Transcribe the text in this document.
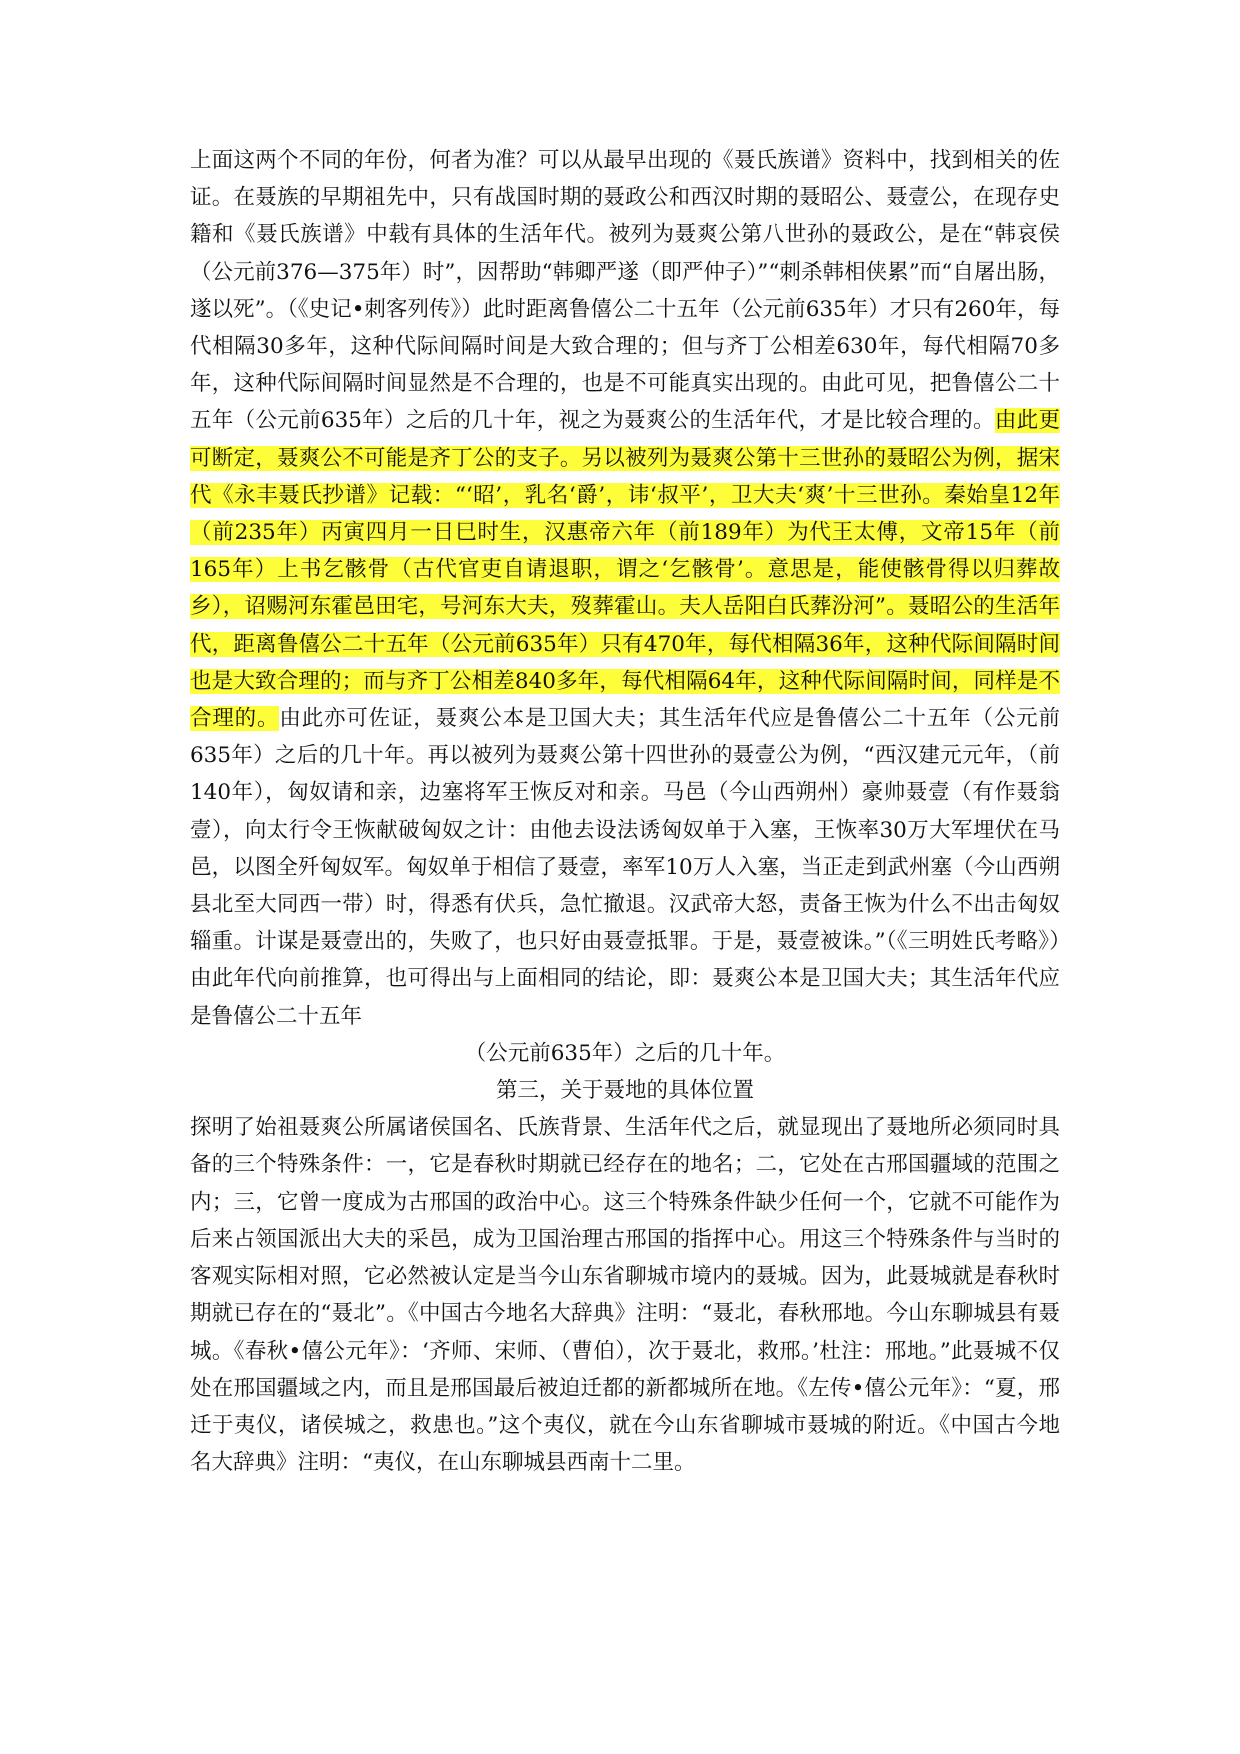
上面这两个不同的年份，何者为准？可以从最早出现的《聂氏族谱》资料中，找到相关的佐证。在聂族的早期祖先中，只有战国时期的聂政公和西汉时期的聂昭公、聂壹公，在现存史籍和《聂氏族谱》中载有具体的生活年代。被列为聂爽公第八世孙的聂政公，是在“韩哀侯（公元前376—375年）时”，因帮助“韩卿严遂（即严仲子）”“刺杀韩相侠累”而“自屠出肠，遂以死”。（《史记•刺客列传》）此时距离鲁僖公二十五年（公元前635年）才只有260年，每代相隔30多年，这种代际间隔时间是大致合理的；但与齐丁公相差630年，每代相隔70多年，这种代际间隔时间显然是不合理的，也是不可能真实出现的。由此可见，把鲁僖公二十五年（公元前635年）之后的几十年，视之为聂爽公的生活年代，才是比较合理的。由此更可断定，聂爽公不可能是齐丁公的支子。另以被列为聂爽公第十三世孙的聂昭公为例，据宋代《永丰聂氏抄谱》记载：“‘昭’，乳名‘爵’，讳‘叔平’，卫大夫‘爽’十三世孙。秦始皇12年（前235年）丙寅四月一日巳时生，汉惠帝六年（前189年）为代王太傅，文帝15年（前165年）上书乞骸骨（古代官吏自请退职，谓之‘乞骸骨’。意思是，能使骸骨得以归葬故乡），诏赐河东霍邑田宅，号河东大夫，歿葬霍山。夫人岳阳白氏葬汾河”。聂昭公的生活年代，距离鲁僖公二十五年（公元前635年）只有470年，每代相隔36年，这种代际间隔时间也是大致合理的；而与齐丁公相差840多年，每代相隔64年，这种代际间隔时间，同样是不合理的。由此亦可佐证，聂爽公本是卫国大夫；其生活年代应是鲁僖公二十五年（公元前635年）之后的几十年。再以被列为聂爽公第十四世孙的聂壹公为例，“西汉建元元年，（前140年），匈奴请和亲，边塞将军王恢反对和亲。马邑（今山西朔州）豪帅聂壹（有作聂翁壹），向太行令王恢献破匈奴之计：由他去设法诱匈奴单于入塞，王恢率30万大军埋伏在马邑，以图全歼匈奴军。匈奴单于相信了聂壹，率军10万人入塞，当正走到武州塞（今山西朔县北至大同西一带）时，得悉有伏兵，急忙撤退。汉武帝大怒，责备王恢为什么不出击匈奴辎重。计谋是聂壹出的，失败了，也只好由聂壹抵罪。于是，聂壹被诛。”（《三明姓氏考略》）由此年代向前推算，也可得出与上面相同的结论，即：聂爽公本是卫国大夫；其生活年代应是鲁僖公二十五年
（公元前635年）之后的几十年。

第三，关于聂地的具体位置

探明了始祖聂爽公所属诸侯国名、氏族背景、生活年代之后，就显现出了聂地所必须同时具备的三个特殊条件：一，它是春秋时期就已经存在的地名；二，它处在古邢国疆域的范围之内；三，它曾一度成为古邢国的政治中心。这三个特殊条件缺少任何一个，它就不可能作为后来占领国派出大夫的采邑，成为卫国治理古邢国的指挥中心。用这三个特殊条件与当时的客观实际相对照，它必然被认定是当今山东省聊城市境内的聂城。因为，此聂城就是春秋时期就已存在的“聂北”。《中国古今地名大辞典》注明：“聂北，春秋邢地。今山东聊城县有聂城。《春秋•僖公元年》：‘齐师、宋师、（曹伯），次于聂北，救邢。’杜注：邢地。”此聂城不仅处在邢国疆域之内，而且是邢国最后被迫迁都的新都城所在地。《左传•僖公元年》：“夏，邢迁于夷仪，诸侯城之，救患也。”这个夷仪，就在今山东省聊城市聂城的附近。《中国古今地名大辞典》注明：“夷仪，在山东聊城县西南十二里。
